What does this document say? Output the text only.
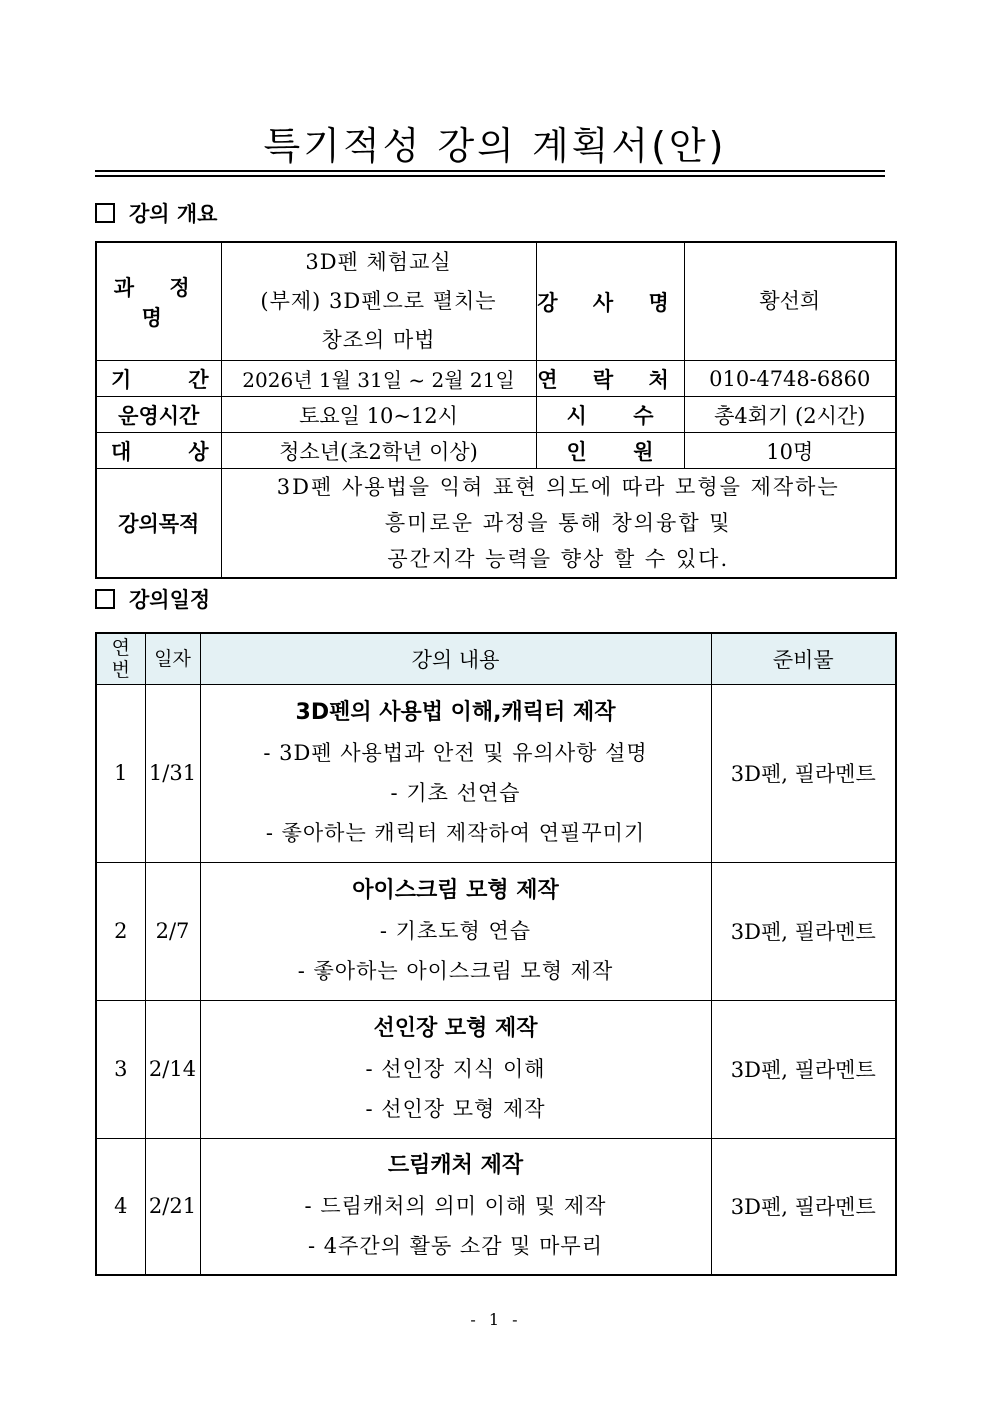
특기적성 강의 계획서(안)
강의 개요
과 정 명	3D펜 체험교실
(부제) 3D펜으로 펼치는
창조의 마법	강 사 명	황선희

기 간	2026년 1월 31일 ~ 2월 21일	연 락 처	010-4748-6860
운영시간	토요일 10~12시	시 수	총4회기 (2시간)

대 상	청소년(초2학년 이상)	인 원	10명
강의목적	3D펜 사용법을 익혀 표현 의도에 따라 모형을 제작하는
흥미로운 과정을 통해 창의융합 및
공간지각 능력을 향상 할 수 있다.		
강의일정
연
번	일자	강의 내용	준비물
1	1/31	3D펜의 사용법 이해,캐릭터 제작
- 3D펜 사용법과 안전 및 유의사항 설명
- 기초 선연습
- 좋아하는 캐릭터 제작하여 연필꾸미기	3D펜, 필라멘트
2	2/7	아이스크림 모형 제작
- 기초도형 연습
- 좋아하는 아이스크림 모형 제작	3D펜, 필라멘트
3	2/14	선인장 모형 제작
- 선인장 지식 이해
- 선인장 모형 제작	3D펜, 필라멘트
4	2/21	드림캐처 제작
- 드림캐처의 의미 이해 및 제작
- 4주간의 활동 소감 및 마무리	3D펜, 필라멘트
- 1 -
